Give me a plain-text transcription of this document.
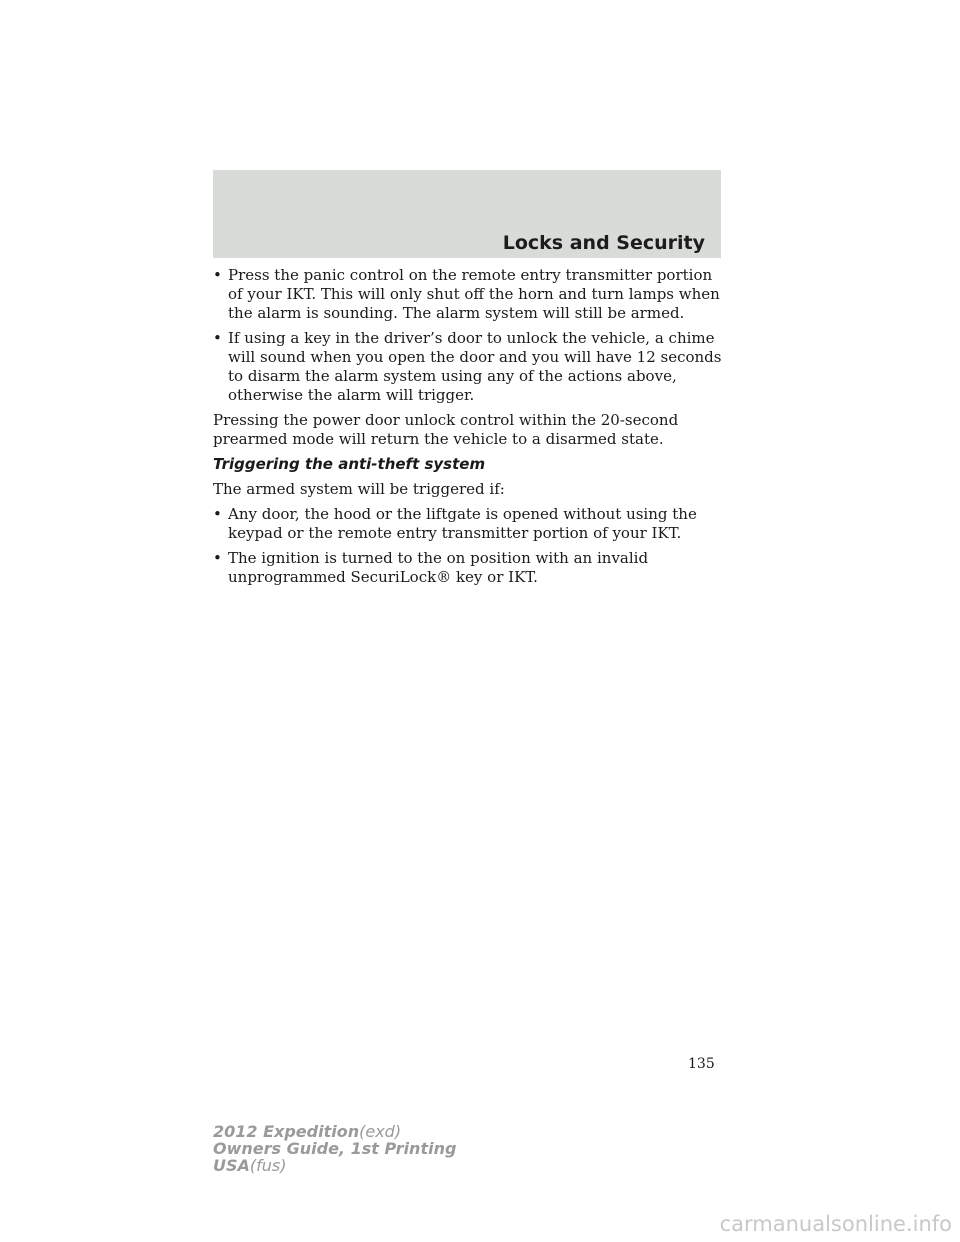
Locks and Security
• Press the panic control on the remote entry transmitter portion of your IKT. This will only shut off the horn and turn lamps when the alarm is sounding. The alarm system will still be armed.
• If using a key in the driver’s door to unlock the vehicle, a chime will sound when you open the door and you will have 12 seconds to disarm the alarm system using any of the actions above, otherwise the alarm will trigger.

Pressing the power door unlock control within the 20-second prearmed mode will return the vehicle to a disarmed state.

Triggering the anti-theft system

The armed system will be triggered if:

• Any door, the hood or the liftgate is opened without using the keypad or the remote entry transmitter portion of your IKT.
• The ignition is turned to the on position with an invalid unprogrammed SecuriLock® key or IKT.
135
2012 Expedition(exd)
Owners Guide, 1st Printing
USA(fus)
carmanualsonline.info
